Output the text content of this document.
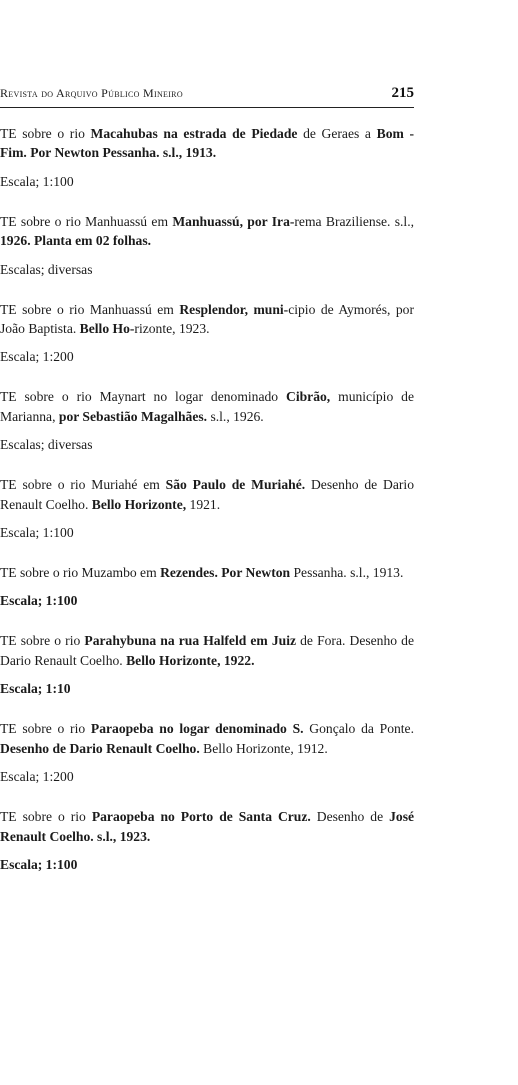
Revista do Arquivo Público Mineiro	215

TE sobre o rio Macahubas na estrada de Piedade de Geraes a Bom - Fim. Por Newton Pessanha. s.l., 1913.

Escala; 1:100

TE sobre o rio Manhuassú em Manhuassú, por Ira-rema Braziliense. s.l., 1926. Planta em 02 folhas.

Escalas; diversas

TE sobre o rio Manhuassú em Resplendor, muni-cipio de Aymorés, por João Baptista. Bello Ho-rizonte, 1923.

Escala; 1:200

TE sobre o rio Maynart no logar denominado Cibrão, município de Marianna, por Sebastião Magalhães. s.l., 1926.

Escalas; diversas

TE sobre o rio Muriahé em São Paulo de Muriahé. Desenho de Dario Renault Coelho. Bello Horizonte, 1921.

Escala; 1:100

TE sobre o rio Muzambo em Rezendes. Por Newton Pessanha. s.l., 1913.

Escala; 1:100

TE sobre o rio Parahybuna na rua Halfeld em Juiz de Fora. Desenho de Dario Renault Coelho. Bello Horizonte, 1922.

Escala; 1:10

TE sobre o rio Paraopeba no logar denominado S. Gonçalo da Ponte. Desenho de Dario Renault Coelho. Bello Horizonte, 1912.

Escala; 1:200

TE sobre o rio Paraopeba no Porto de Santa Cruz. Desenho de José Renault Coelho. s.l., 1923.

Escala; 1:100
